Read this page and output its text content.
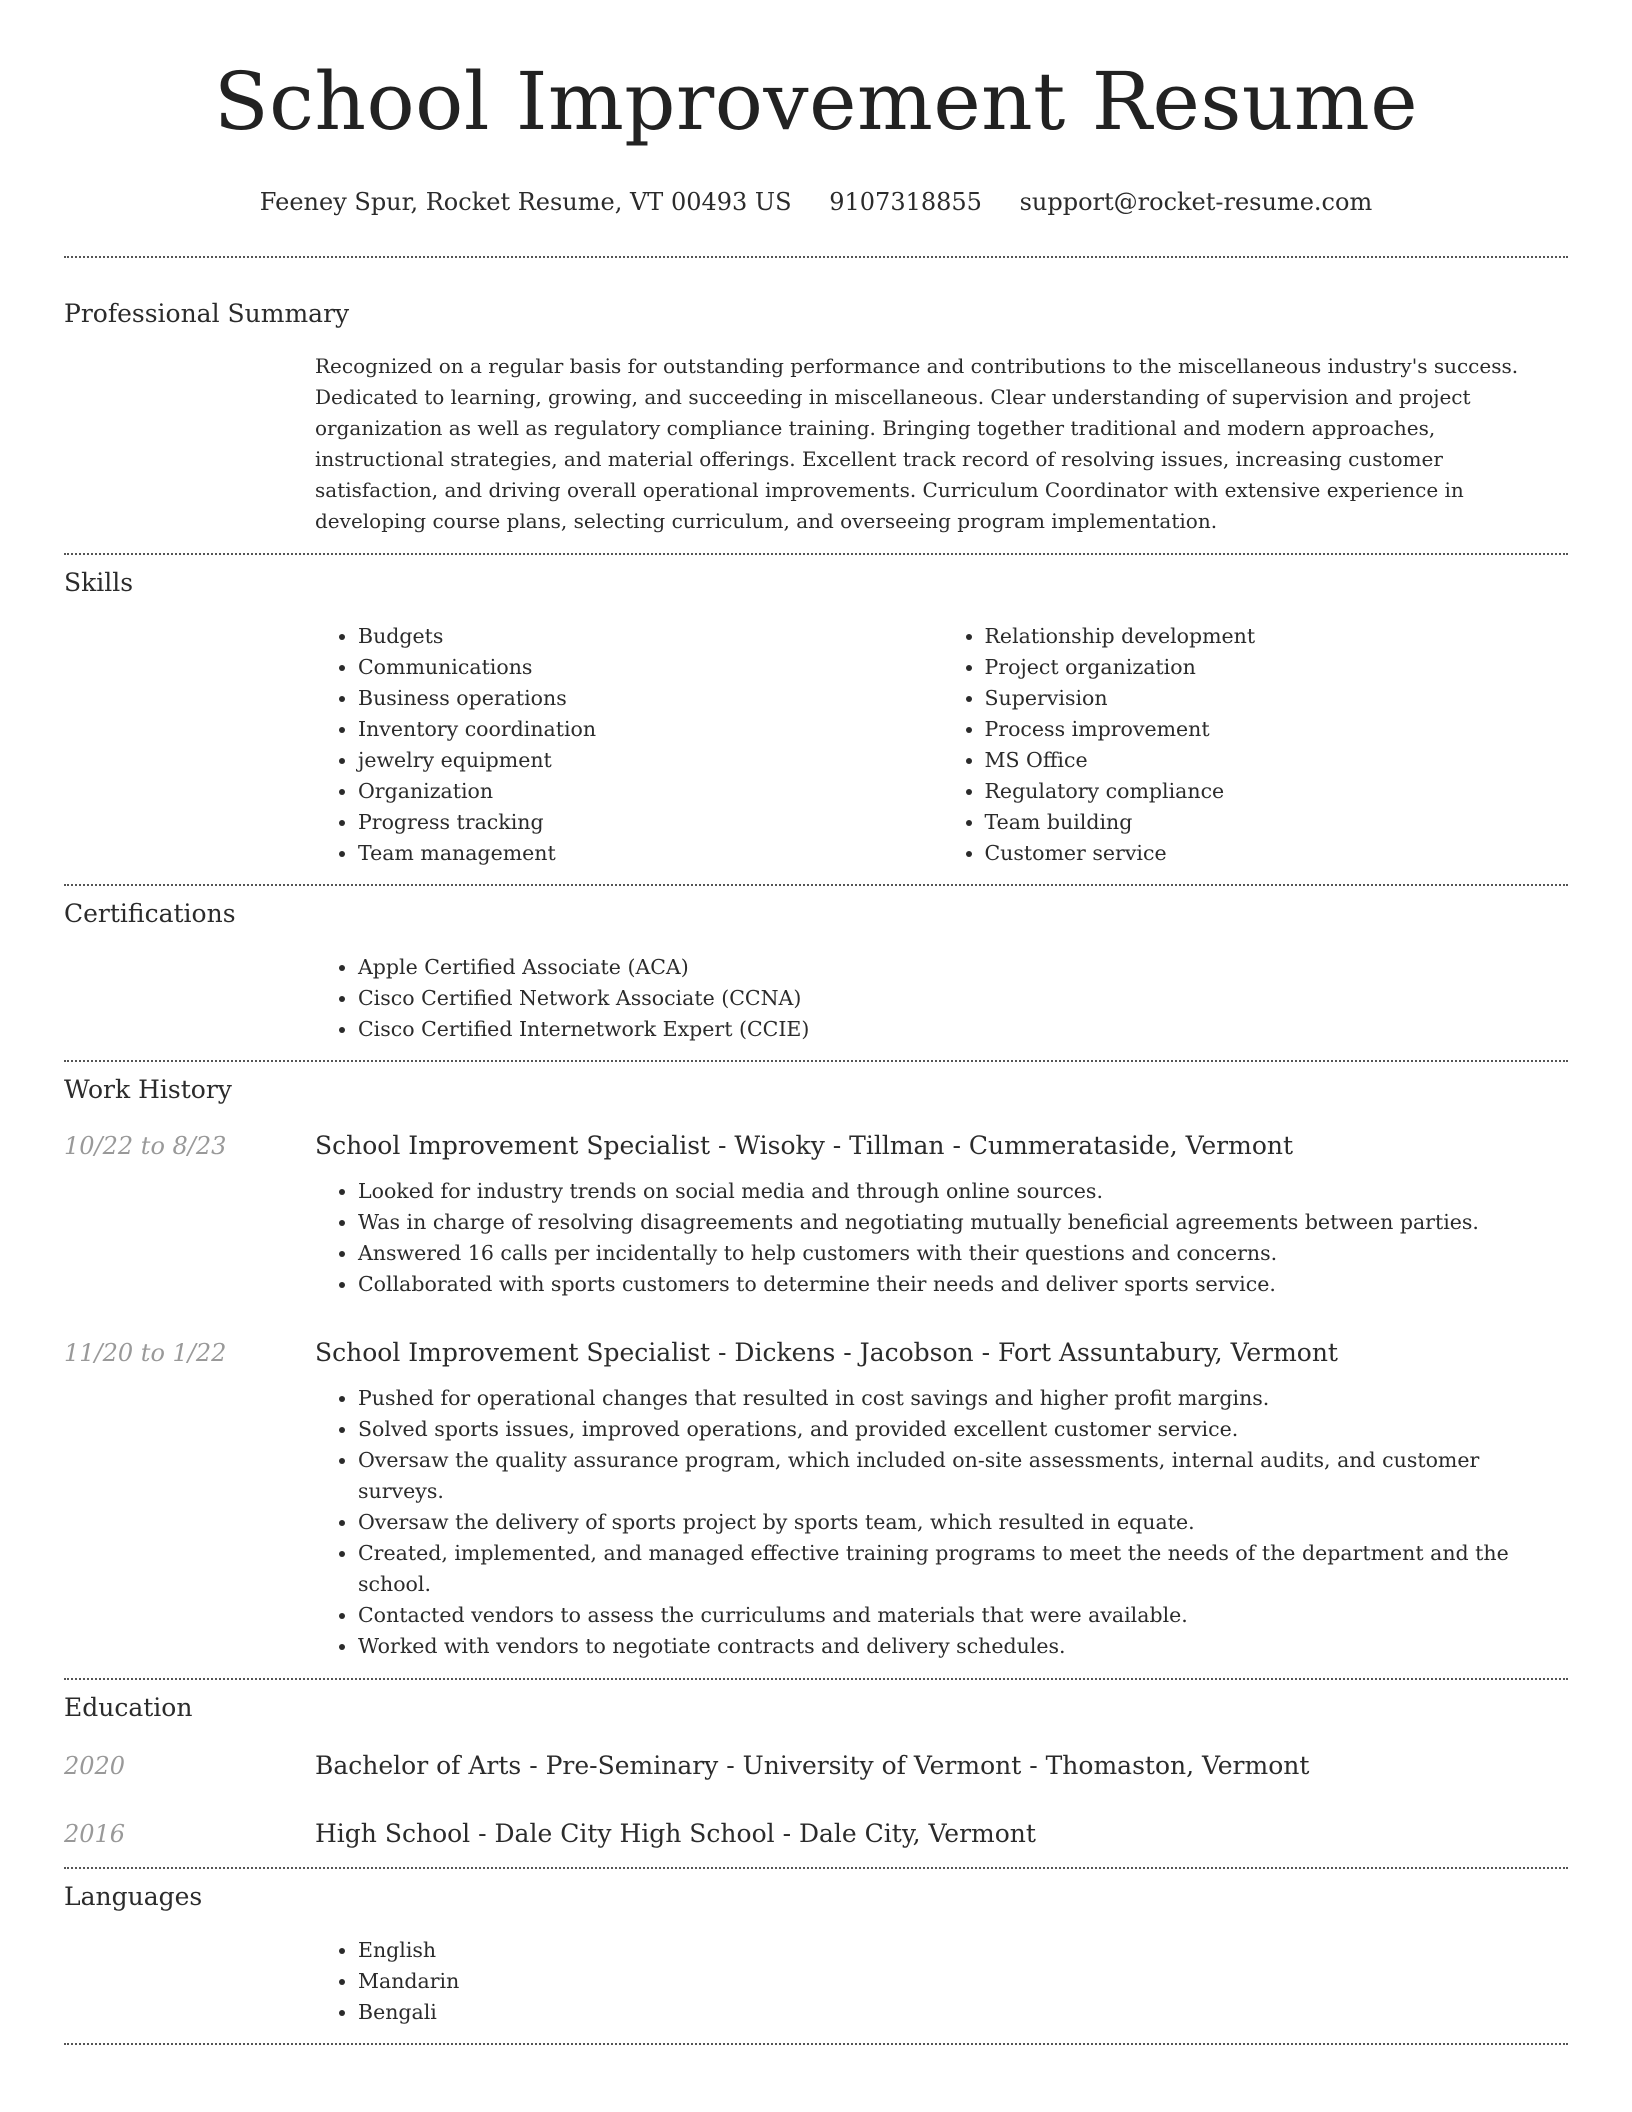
School Improvement Resume
Feeney Spur, Rocket Resume, VT 00493 US 9107318855 support@rocket-resume.com
Professional Summary

Recognized on a regular basis for outstanding performance and contributions to the miscellaneous industry's success. Dedicated to learning, growing, and succeeding in miscellaneous. Clear understanding of supervision and project organization as well as regulatory compliance training. Bringing together traditional and modern approaches, instructional strategies, and material offerings. Excellent track record of resolving issues, increasing customer satisfaction, and driving overall operational improvements. Curriculum Coordinator with extensive experience in developing course plans, selecting curriculum, and overseeing program implementation.

Skills
• Budgets
• Communications
• Business operations
• Inventory coordination
• jewelry equipment
• Organization
• Progress tracking
• Team management
• Relationship development
• Project organization
• Supervision
• Process improvement
• MS Office
• Regulatory compliance
• Team building
• Customer service
Certifications
• Apple Certified Associate (ACA)
• Cisco Certified Network Associate (CCNA)
• Cisco Certified Internetwork Expert (CCIE)
Work History
10/22 to 8/23	School Improvement Specialist - Wisoky - Tillman - Cummerataside, Vermont
• Looked for industry trends on social media and through online sources.
• Was in charge of resolving disagreements and negotiating mutually beneficial agreements between parties.
• Answered 16 calls per incidentally to help customers with their questions and concerns.
• Collaborated with sports customers to determine their needs and deliver sports service.
11/20 to 1/22	School Improvement Specialist - Dickens - Jacobson - Fort Assuntabury, Vermont
• Pushed for operational changes that resulted in cost savings and higher profit margins.
• Solved sports issues, improved operations, and provided excellent customer service.
• Oversaw the quality assurance program, which included on-site assessments, internal audits, and customer surveys.
• Oversaw the delivery of sports project by sports team, which resulted in equate.
• Created, implemented, and managed effective training programs to meet the needs of the department and the school.
• Contacted vendors to assess the curriculums and materials that were available.
• Worked with vendors to negotiate contracts and delivery schedules.
Education
2020	Bachelor of Arts - Pre-Seminary - University of Vermont - Thomaston, Vermont
2016	High School - Dale City High School - Dale City, Vermont
Languages
• English
• Mandarin
• Bengali
